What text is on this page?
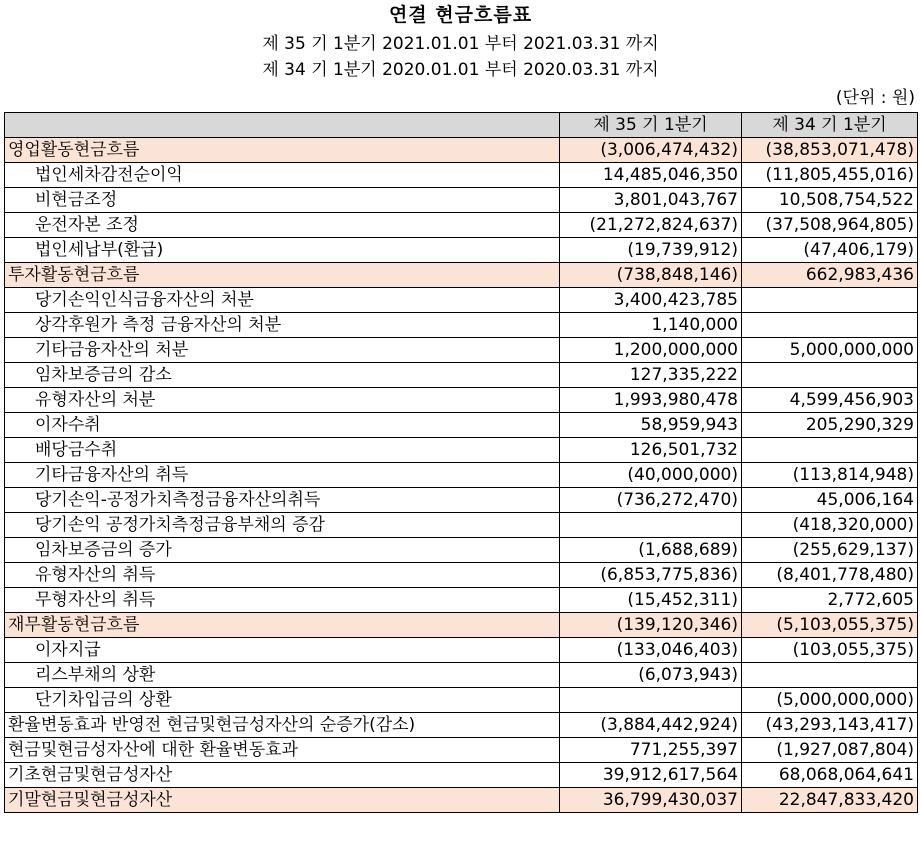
연결 현금흐름표
제 35 기 1분기 2021.01.01 부터 2021.03.31 까지
제 34 기 1분기 2020.01.01 부터 2020.03.31 까지
(단위 : 원)
	제 35 기 1분기	제 34 기 1분기
영업활동현금흐름	(3,006,474,432)	(38,853,071,478)
법인세차감전순이익	14,485,046,350	(11,805,455,016)
비현금조정	3,801,043,767	10,508,754,522
운전자본 조정	(21,272,824,637)	(37,508,964,805)
법인세납부(환급)	(19,739,912)	(47,406,179)
투자활동현금흐름	(738,848,146)	662,983,436
당기손익인식금융자산의 처분	3,400,423,785	
상각후원가 측정 금융자산의 처분	1,140,000	
기타금융자산의 처분	1,200,000,000	5,000,000,000
임차보증금의 감소	127,335,222	
유형자산의 처분	1,993,980,478	4,599,456,903
이자수취	58,959,943	205,290,329
배당금수취	126,501,732	
기타금융자산의 취득	(40,000,000)	(113,814,948)
당기손익-공정가치측정금융자산의취득	(736,272,470)	45,006,164
당기손익 공정가치측정금융부채의 증감		(418,320,000)
임차보증금의 증가	(1,688,689)	(255,629,137)
유형자산의 취득	(6,853,775,836)	(8,401,778,480)
무형자산의 취득	(15,452,311)	2,772,605
재무활동현금흐름	(139,120,346)	(5,103,055,375)
이자지급	(133,046,403)	(103,055,375)
리스부채의 상환	(6,073,943)	
단기차입금의 상환		(5,000,000,000)
환율변동효과 반영전 현금및현금성자산의 순증가(감소)	(3,884,442,924)	(43,293,143,417)
현금및현금성자산에 대한 환율변동효과	771,255,397	(1,927,087,804)
기초현금및현금성자산	39,912,617,564	68,068,064,641
기말현금및현금성자산	36,799,430,037	22,847,833,420
